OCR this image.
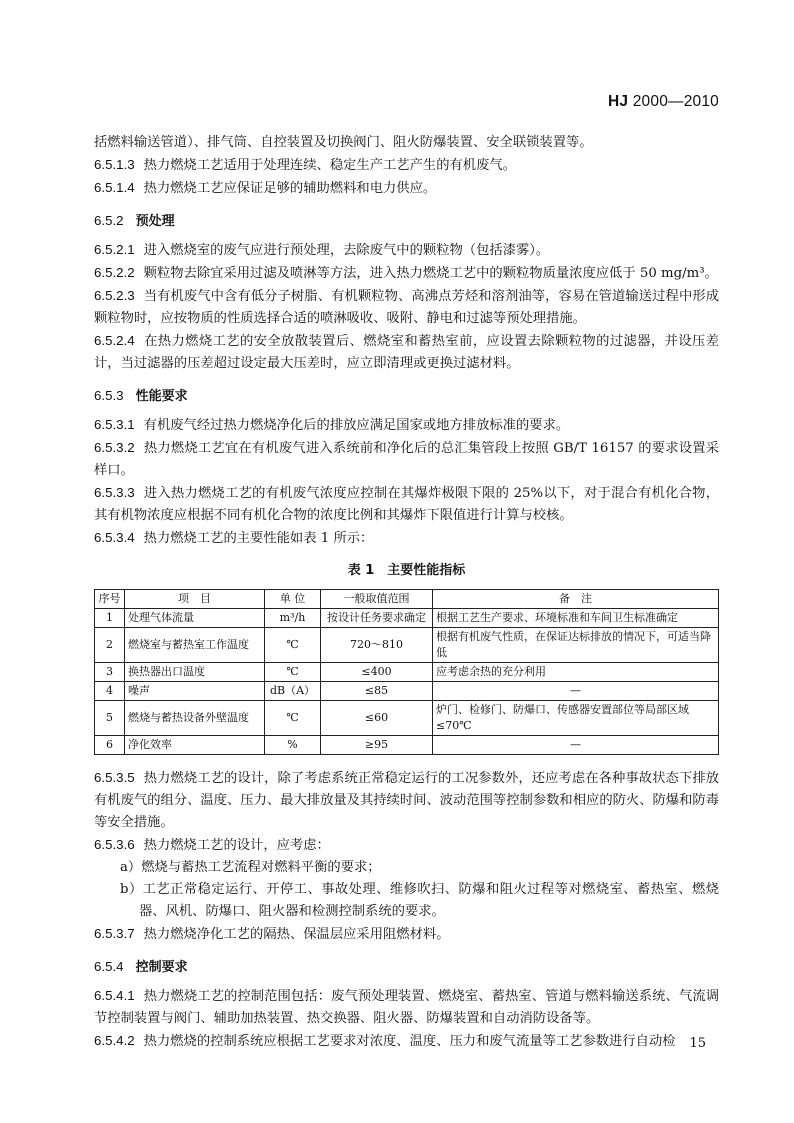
HJ 2000—2010
括燃料输送管道）、排气筒、自控装置及切换阀门、阻火防爆装置、安全联锁装置等。
6.5.1.3 热力燃烧工艺适用于处理连续、稳定生产工艺产生的有机废气。
6.5.1.4 热力燃烧工艺应保证足够的辅助燃料和电力供应。
6.5.2 预处理
6.5.2.1 进入燃烧室的废气应进行预处理，去除废气中的颗粒物（包括漆雾）。
6.5.2.2 颗粒物去除宜采用过滤及喷淋等方法，进入热力燃烧工艺中的颗粒物质量浓度应低于 50 mg/m³。
6.5.2.3 当有机废气中含有低分子树脂、有机颗粒物、高沸点芳烃和溶剂油等，容易在管道输送过程中形成颗粒物时，应按物质的性质选择合适的喷淋吸收、吸附、静电和过滤等预处理措施。
6.5.2.4 在热力燃烧工艺的安全放散装置后、燃烧室和蓄热室前，应设置去除颗粒物的过滤器，并设压差计，当过滤器的压差超过设定最大压差时，应立即清理或更换过滤材料。
6.5.3 性能要求
6.5.3.1 有机废气经过热力燃烧净化后的排放应满足国家或地方排放标准的要求。
6.5.3.2 热力燃烧工艺宜在有机废气进入系统前和净化后的总汇集管段上按照 GB/T 16157 的要求设置采样口。
6.5.3.3 进入热力燃烧工艺的有机废气浓度应控制在其爆炸极限下限的 25%以下，对于混合有机化合物，其有机物浓度应根据不同有机化合物的浓度比例和其爆炸下限值进行计算与校核。
6.5.3.4 热力燃烧工艺的主要性能如表 1 所示：
表 1　主要性能指标
序号	项　目	单 位	一般取值范围	备　注
1	处理气体流量	m³/h	按设计任务要求确定	根据工艺生产要求、环境标准和车间卫生标准确定
2	燃烧室与蓄热室工作温度	℃	720～810	根据有机废气性质，在保证达标排放的情况下，可适当降低
3	换热器出口温度	℃	≤400	应考虑余热的充分利用
4	噪声	dB（A）	≤85	—
5	燃烧与蓄热设备外壁温度	℃	≤60	炉门、检修门、防爆口、传感器安置部位等局部区域≤70℃
6	净化效率	%	≥95	—
6.5.3.5 热力燃烧工艺的设计，除了考虑系统正常稳定运行的工况参数外，还应考虑在各种事故状态下排放有机废气的组分、温度、压力、最大排放量及其持续时间、波动范围等控制参数和相应的防火、防爆和防毒等安全措施。
6.5.3.6 热力燃烧工艺的设计，应考虑：
a）燃烧与蓄热工艺流程对燃料平衡的要求；
b）工艺正常稳定运行、开停工、事故处理、维修吹扫、防爆和阻火过程等对燃烧室、蓄热室、燃烧器、风机、防爆口、阻火器和检测控制系统的要求。
6.5.3.7 热力燃烧净化工艺的隔热、保温层应采用阻燃材料。
6.5.4 控制要求
6.5.4.1 热力燃烧工艺的控制范围包括：废气预处理装置、燃烧室、蓄热室、管道与燃料输送系统、气流调节控制装置与阀门、辅助加热装置、热交换器、阻火器、防爆装置和自动消防设备等。
6.5.4.2 热力燃烧的控制系统应根据工艺要求对浓度、温度、压力和废气流量等工艺参数进行自动检	15
